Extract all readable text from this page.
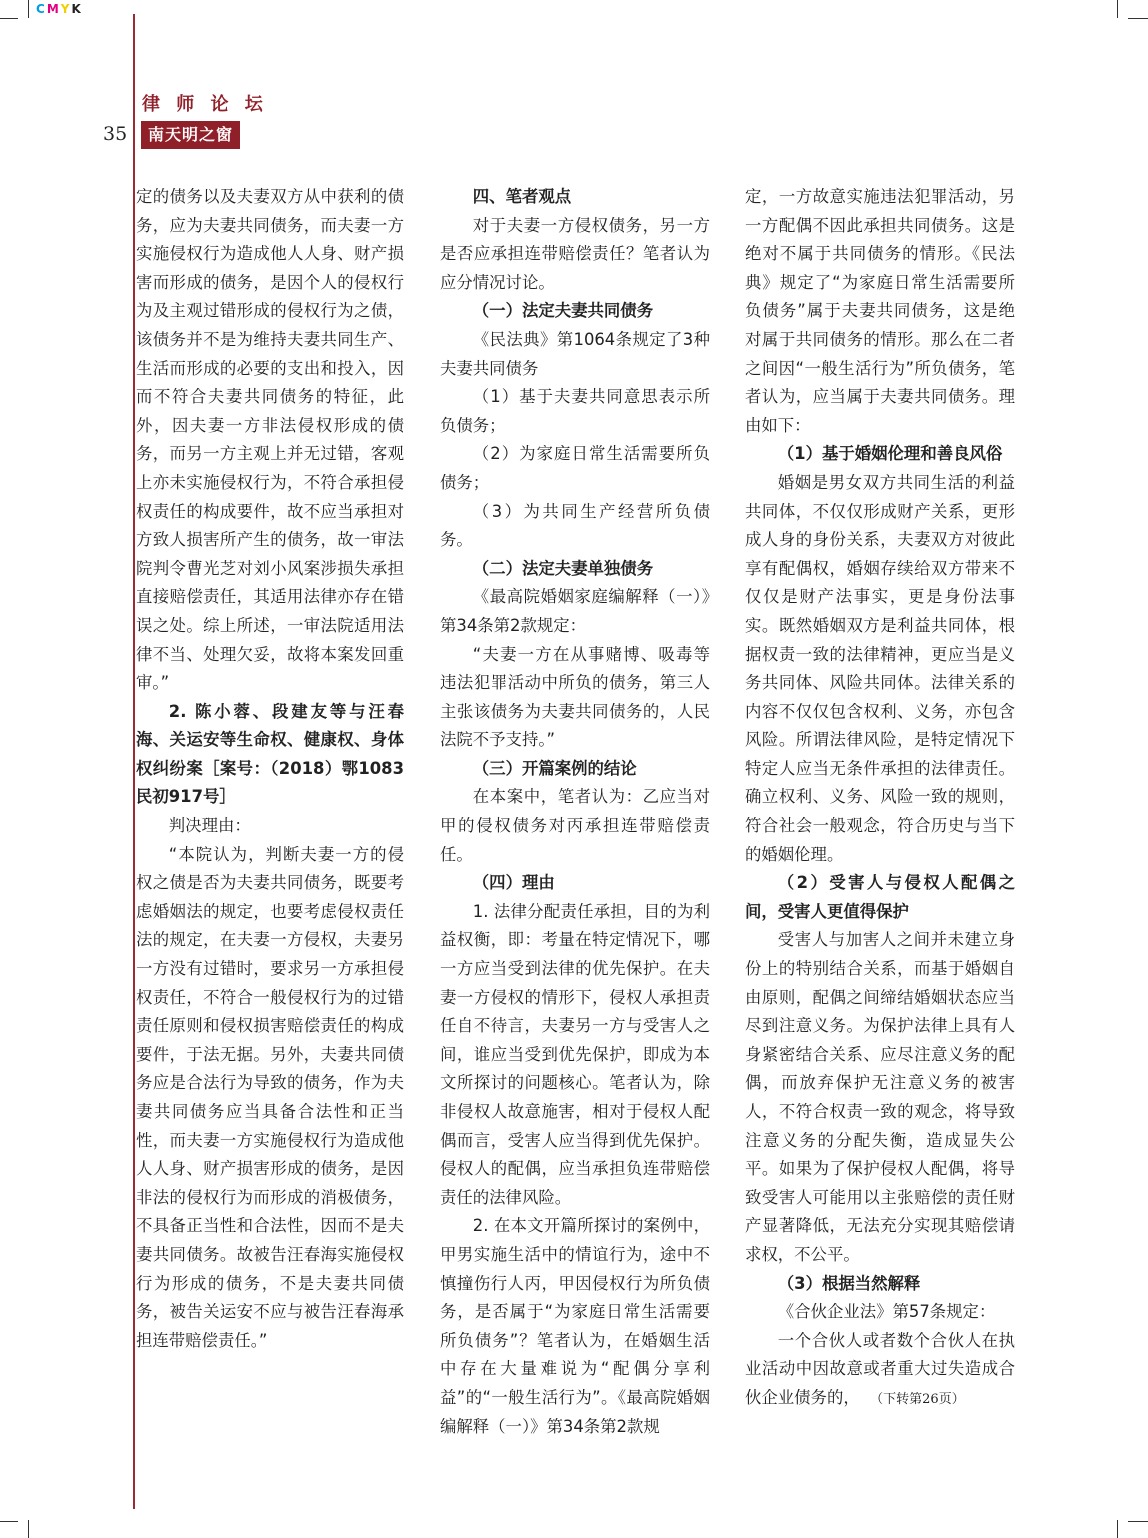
CMYK
律 师 论 坛
35	南天明之窗

定的债务以及夫妻双方从中获利的债务，应为夫妻共同债务，而夫妻一方实施侵权行为造成他人人身、财产损害而形成的债务，是因个人的侵权行为及主观过错形成的侵权行为之债，该债务并不是为维持夫妻共同生产、生活而形成的必要的支出和投入，因而不符合夫妻共同债务的特征，此外，因夫妻一方非法侵权形成的债务，而另一方主观上并无过错，客观上亦未实施侵权行为，不符合承担侵权责任的构成要件，故不应当承担对方致人损害所产生的债务，故一审法院判令曹光芝对刘小风案涉损失承担直接赔偿责任，其适用法律亦存在错误之处。综上所述，一审法院适用法律不当、处理欠妥，故将本案发回重审。”

2. 陈小蓉、段建友等与汪春海、关运安等生命权、健康权、身体权纠纷案［案号：（2018）鄂1083民初917号］

判决理由：

“本院认为，判断夫妻一方的侵权之债是否为夫妻共同债务，既要考虑婚姻法的规定，也要考虑侵权责任法的规定，在夫妻一方侵权，夫妻另一方没有过错时，要求另一方承担侵权责任，不符合一般侵权行为的过错责任原则和侵权损害赔偿责任的构成要件，于法无据。另外，夫妻共同债务应是合法行为导致的债务，作为夫妻共同债务应当具备合法性和正当性，而夫妻一方实施侵权行为造成他人人身、财产损害形成的债务，是因非法的侵权行为而形成的消极债务，不具备正当性和合法性，因而不是夫妻共同债务。故被告汪春海实施侵权行为形成的债务，不是夫妻共同债务，被告关运安不应与被告汪春海承担连带赔偿责任。”

四、笔者观点

对于夫妻一方侵权债务，另一方是否应承担连带赔偿责任？笔者认为应分情况讨论。

（一）法定夫妻共同债务

《民法典》第1064条规定了3种夫妻共同债务

（1）基于夫妻共同意思表示所负债务；

（2）为家庭日常生活需要所负债务；

（3）为共同生产经营所负债务。

（二）法定夫妻单独债务

《最高院婚姻家庭编解释（一）》第34条第2款规定：

“夫妻一方在从事赌博、吸毒等违法犯罪活动中所负的债务，第三人主张该债务为夫妻共同债务的，人民法院不予支持。”

（三）开篇案例的结论

在本案中，笔者认为：乙应当对甲的侵权债务对丙承担连带赔偿责任。

（四）理由

1. 法律分配责任承担，目的为利益权衡，即：考量在特定情况下，哪一方应当受到法律的优先保护。在夫妻一方侵权的情形下，侵权人承担责任自不待言，夫妻另一方与受害人之间，谁应当受到优先保护，即成为本文所探讨的问题核心。笔者认为，除非侵权人故意施害，相对于侵权人配偶而言，受害人应当得到优先保护。侵权人的配偶，应当承担负连带赔偿责任的法律风险。

2. 在本文开篇所探讨的案例中，甲男实施生活中的情谊行为，途中不慎撞伤行人丙，甲因侵权行为所负债务，是否属于“为家庭日常生活需要所负债务”？笔者认为，在婚姻生活中存在大量难说为“配偶分享利益”的“一般生活行为”。《最高院婚姻编解释（一）》第34条第2款规

定，一方故意实施违法犯罪活动，另一方配偶不因此承担共同债务。这是绝对不属于共同债务的情形。《民法典》规定了“为家庭日常生活需要所负债务”属于夫妻共同债务，这是绝对属于共同债务的情形。那么在二者之间因“一般生活行为”所负债务，笔者认为，应当属于夫妻共同债务。理由如下：

（1）基于婚姻伦理和善良风俗

婚姻是男女双方共同生活的利益共同体，不仅仅形成财产关系，更形成人身的身份关系，夫妻双方对彼此享有配偶权，婚姻存续给双方带来不仅仅是财产法事实，更是身份法事实。既然婚姻双方是利益共同体，根据权责一致的法律精神，更应当是义务共同体、风险共同体。法律关系的内容不仅仅包含权利、义务，亦包含风险。所谓法律风险，是特定情况下特定人应当无条件承担的法律责任。确立权利、义务、风险一致的规则，符合社会一般观念，符合历史与当下的婚姻伦理。

（2）受害人与侵权人配偶之间，受害人更值得保护

受害人与加害人之间并未建立身份上的特别结合关系，而基于婚姻自由原则，配偶之间缔结婚姻状态应当尽到注意义务。为保护法律上具有人身紧密结合关系、应尽注意义务的配偶，而放弃保护无注意义务的被害人，不符合权责一致的观念，将导致注意义务的分配失衡，造成显失公平。如果为了保护侵权人配偶，将导致受害人可能用以主张赔偿的责任财产显著降低，无法充分实现其赔偿请求权，不公平。

（3）根据当然解释

《合伙企业法》第57条规定：

一个合伙人或者数个合伙人在执业活动中因故意或者重大过失造成合伙企业债务的， （下转第26页）
